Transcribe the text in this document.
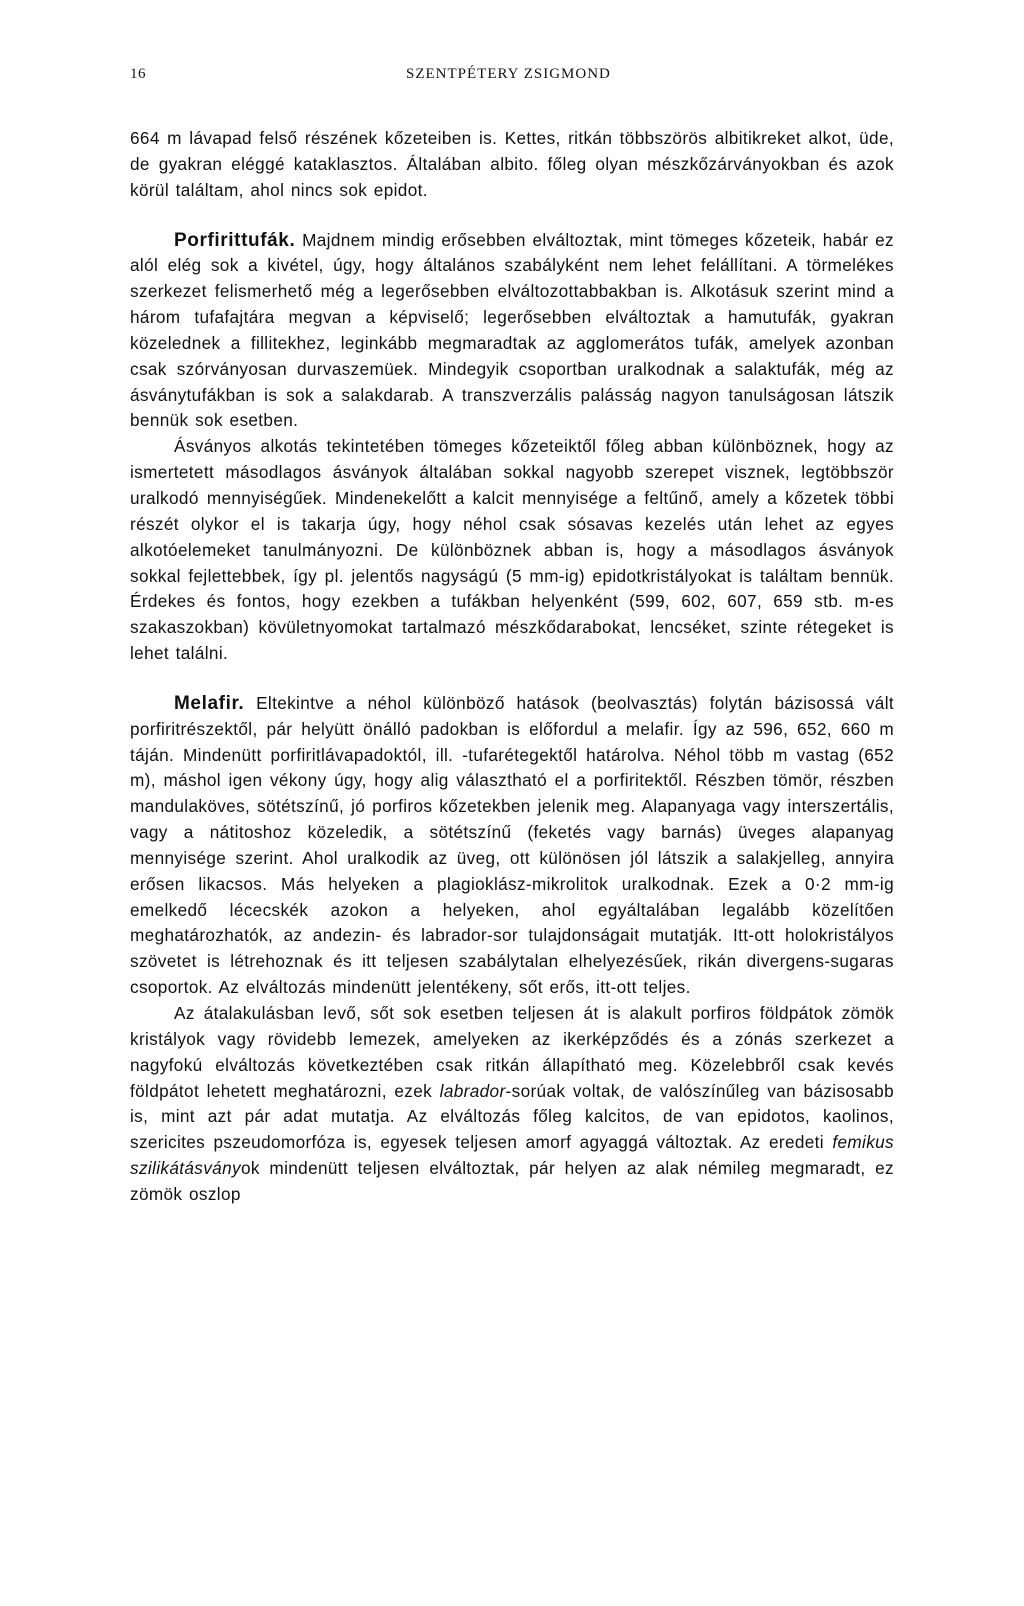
16	SZENTPÉTERY ZSIGMOND

664 m lávapad felső részének kőzeteiben is. Kettes, ritkán többszörös albitikreket alkot, üde, de gyakran eléggé kataklasztos. Általában albito. főleg olyan mészkőzárványokban és azok körül találtam, ahol nincs sok epidot.

Porfirittufák. Majdnem mindig erősebben elváltoztak, mint tömeges kőzeteik, habár ez alól elég sok a kivétel, úgy, hogy általános szabályként nem lehet felállítani. A törmelékes szerkezet felismerhető még a legerősebben elváltozottabbakban is. Alkotásuk szerint mind a három tufafajtára megvan a képviselő; legerősebben elváltoztak a hamutufák, gyakran közelednek a fillitekhez, leginkább megmaradtak az agglomerátos tufák, amelyek azonban csak szórványosan durvaszemüek. Mindegyik csoportban uralkodnak a salaktufák, még az ásványtufákban is sok a salakdarab. A transzverzális palásság nagyon tanulságosan látszik bennük sok esetben.

Ásványos alkotás tekintetében tömeges kőzeteiktől főleg abban különböznek, hogy az ismertetett másodlagos ásványok általában sokkal nagyobb szerepet visznek, legtöbbször uralkodó mennyiségűek. Mindenekelőtt a kalcit mennyisége a feltűnő, amely a kőzetek többi részét olykor el is takarja úgy, hogy néhol csak sósavas kezelés után lehet az egyes alkotóelemeket tanulmányozni. De különböznek abban is, hogy a másodlagos ásványok sokkal fejlettebbek, így pl. jelentős nagyságú (5 mm-ig) epidotkristályokat is találtam bennük. Érdekes és fontos, hogy ezekben a tufákban helyenként (599, 602, 607, 659 stb. m-es szakaszokban) kövületnyomokat tartalmazó mészkődarabokat, lencséket, szinte rétegeket is lehet találni.

Melafir. Eltekintve a néhol különböző hatások (beolvasztás) folytán bázisossá vált porfiritrészektől, pár helyütt önálló padokban is előfordul a melafir. Így az 596, 652, 660 m táján. Mindenütt porfiritlávapadoktól, ill. -tufarétegektől határolva. Néhol több m vastag (652 m), máshol igen vékony úgy, hogy alig választható el a porfiritektől. Részben tömör, részben mandulaköves, sötétszínű, jó porfiros kőzetekben jelenik meg. Alapanyaga vagy interszertális, vagy a nátitoshoz közeledik, a sötétszínű (feketés vagy barnás) üveges alapanyag mennyisége szerint. Ahol uralkodik az üveg, ott különösen jól látszik a salakjelleg, annyira erősen likacsos. Más helyeken a plagioklász-mikrolitok uralkodnak. Ezek a 0·2 mm-ig emelkedő lécecskék azokon a helyeken, ahol egyáltalában legalább közelítően meghatározhatók, az andezin- és labrador-sor tulajdonságait mutatják. Itt-ott holokristályos szövetet is létrehoznak és itt teljesen szabálytalan elhelyezésűek, rikán divergens-sugaras csoportok. Az elváltozás mindenütt jelentékeny, sőt erős, itt-ott teljes.

Az átalakulásban levő, sőt sok esetben teljesen át is alakult porfiros földpátok zömök kristályok vagy rövidebb lemezek, amelyeken az ikerképződés és a zónás szerkezet a nagyfokú elváltozás következtében csak ritkán állapítható meg. Közelebbről csak kevés földpátot lehetett meghatározni, ezek labrador-sorúak voltak, de valószínűleg van bázisosabb is, mint azt pár adat mutatja. Az elváltozás főleg kalcitos, de van epidotos, kaolinos, szericites pszeudomorfóza is, egyesek teljesen amorf agyaggá változtak. Az eredeti femikus szilikátásványok mindenütt teljesen elváltoztak, pár helyen az alak némileg megmaradt, ez zömök oszlop
